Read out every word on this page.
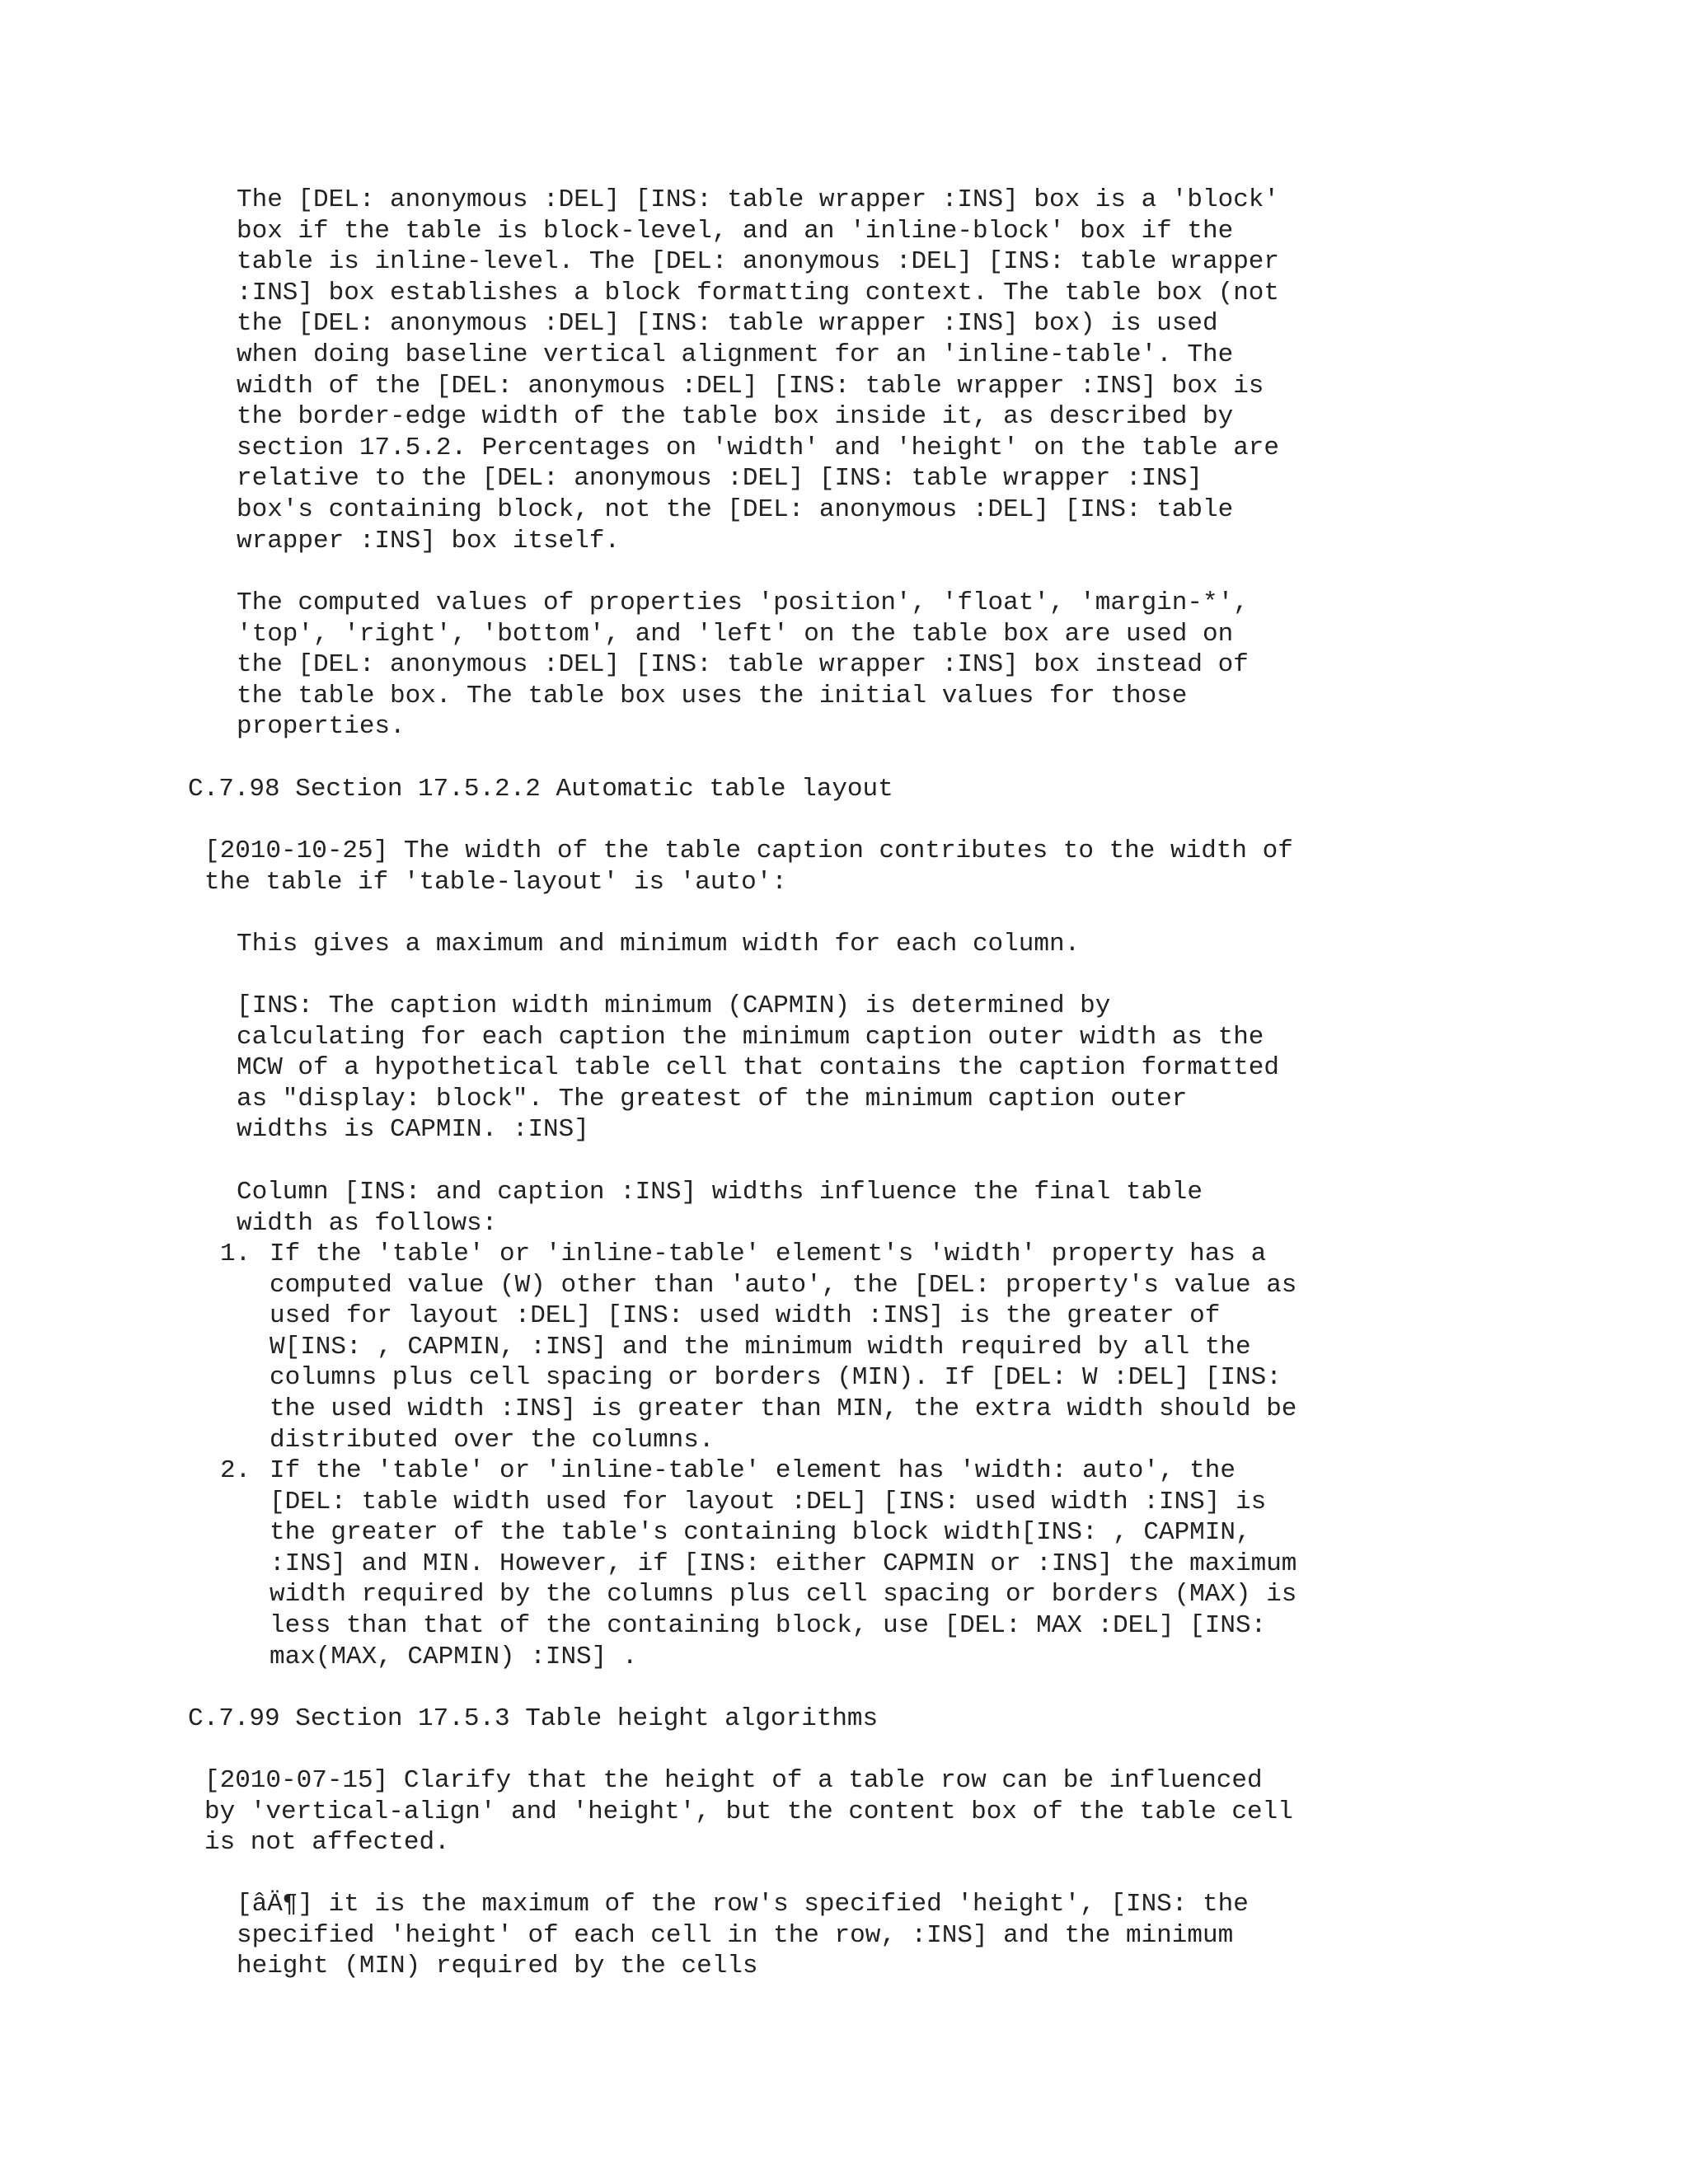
The [DEL: anonymous :DEL] [INS: table wrapper :INS] box is a 'block'
box if the table is block-level, and an 'inline-block' box if the
table is inline-level. The [DEL: anonymous :DEL] [INS: table wrapper
:INS] box establishes a block formatting context. The table box (not
the [DEL: anonymous :DEL] [INS: table wrapper :INS] box) is used
when doing baseline vertical alignment for an 'inline-table'. The
width of the [DEL: anonymous :DEL] [INS: table wrapper :INS] box is
the border-edge width of the table box inside it, as described by
section 17.5.2. Percentages on 'width' and 'height' on the table are
relative to the [DEL: anonymous :DEL] [INS: table wrapper :INS]
box's containing block, not the [DEL: anonymous :DEL] [INS: table
wrapper :INS] box itself.

The computed values of properties 'position', 'float', 'margin-*',
'top', 'right', 'bottom', and 'left' on the table box are used on
the [DEL: anonymous :DEL] [INS: table wrapper :INS] box instead of
the table box. The table box uses the initial values for those
properties.

C.7.98 Section 17.5.2.2 Automatic table layout

[2010-10-25] The width of the table caption contributes to the width of
the table if 'table-layout' is 'auto':

This gives a maximum and minimum width for each column.

[INS: The caption width minimum (CAPMIN) is determined by
calculating for each caption the minimum caption outer width as the
MCW of a hypothetical table cell that contains the caption formatted
as "display: block". The greatest of the minimum caption outer
widths is CAPMIN. :INS]

Column [INS: and caption :INS] widths influence the final table
width as follows:

1. If the 'table' or 'inline-table' element's 'width' property has a
computed value (W) other than 'auto', the [DEL: property's value as
used for layout :DEL] [INS: used width :INS] is the greater of
W[INS: , CAPMIN, :INS] and the minimum width required by all the
columns plus cell spacing or borders (MIN). If [DEL: W :DEL] [INS:
the used width :INS] is greater than MIN, the extra width should be
distributed over the columns.
2. If the 'table' or 'inline-table' element has 'width: auto', the
[DEL: table width used for layout :DEL] [INS: used width :INS] is
the greater of the table's containing block width[INS: , CAPMIN,
:INS] and MIN. However, if [INS: either CAPMIN or :INS] the maximum
width required by the columns plus cell spacing or borders (MAX) is
less than that of the containing block, use [DEL: MAX :DEL] [INS:
max(MAX, CAPMIN) :INS] .
C.7.99 Section 17.5.3 Table height algorithms

[2010-07-15] Clarify that the height of a table row can be influenced
by 'vertical-align' and 'height', but the content box of the table cell
is not affected.

[âÄ¶] it is the maximum of the row's specified 'height', [INS: the
specified 'height' of each cell in the row, :INS] and the minimum
height (MIN) required by the cells
